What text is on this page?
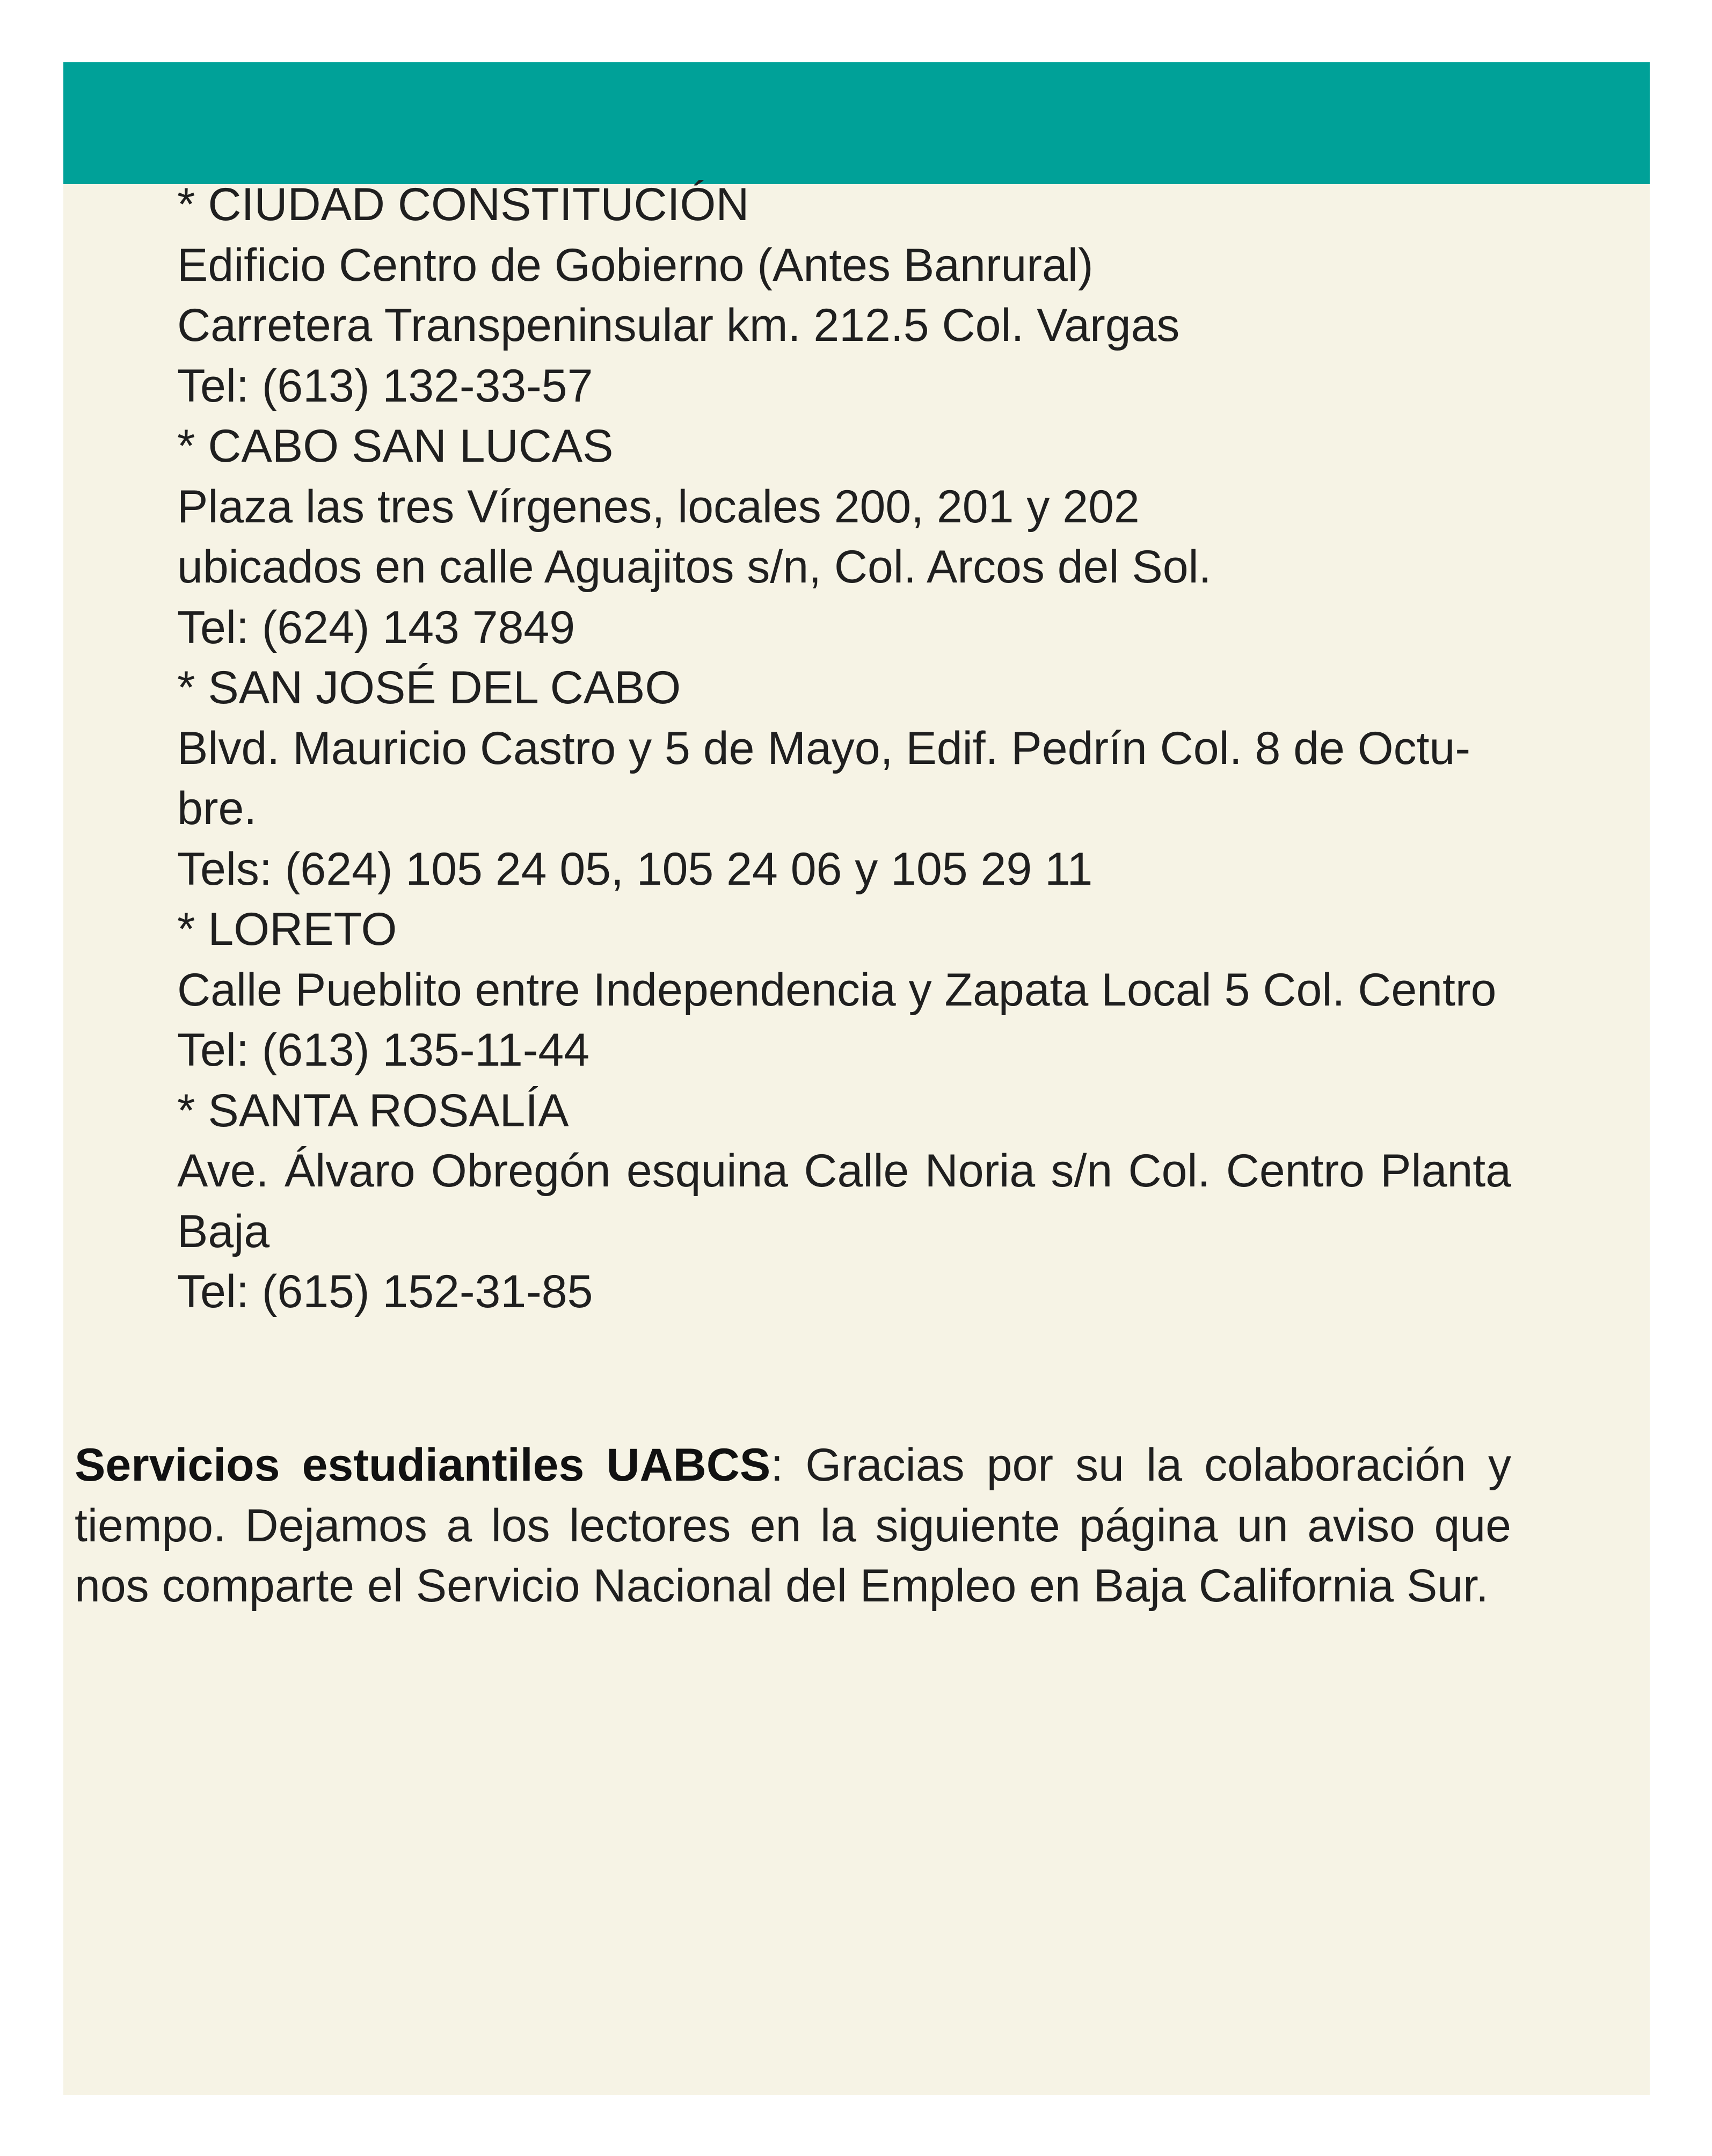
* CIUDAD CONSTITUCIÓN
Edificio Centro de Gobierno (Antes Banrural)
Carretera Transpeninsular km. 212.5 Col. Vargas
Tel: (613) 132-33-57
* CABO SAN LUCAS
Plaza las tres Vírgenes, locales 200, 201 y 202
ubicados en calle Aguajitos s/n, Col. Arcos del Sol.
Tel: (624) 143 7849
* SAN JOSÉ DEL CABO
Blvd. Mauricio Castro y 5 de Mayo, Edif. Pedrín Col. 8 de Octu-
bre.
Tels: (624) 105 24 05, 105 24 06 y 105 29 11
* LORETO
Calle Pueblito entre Independencia y Zapata Local 5 Col. Centro
Tel: (613) 135-11-44
* SANTA ROSALÍA
Ave. Álvaro Obregón esquina Calle Noria s/n Col. Centro Planta Baja
Tel: (615) 152-31-85

Servicios estudiantiles UABCS: Gracias por su la colaboración y tiempo. Dejamos a los lectores en la siguiente página un aviso que nos comparte el Servicio Nacional del Empleo en Baja California Sur.
